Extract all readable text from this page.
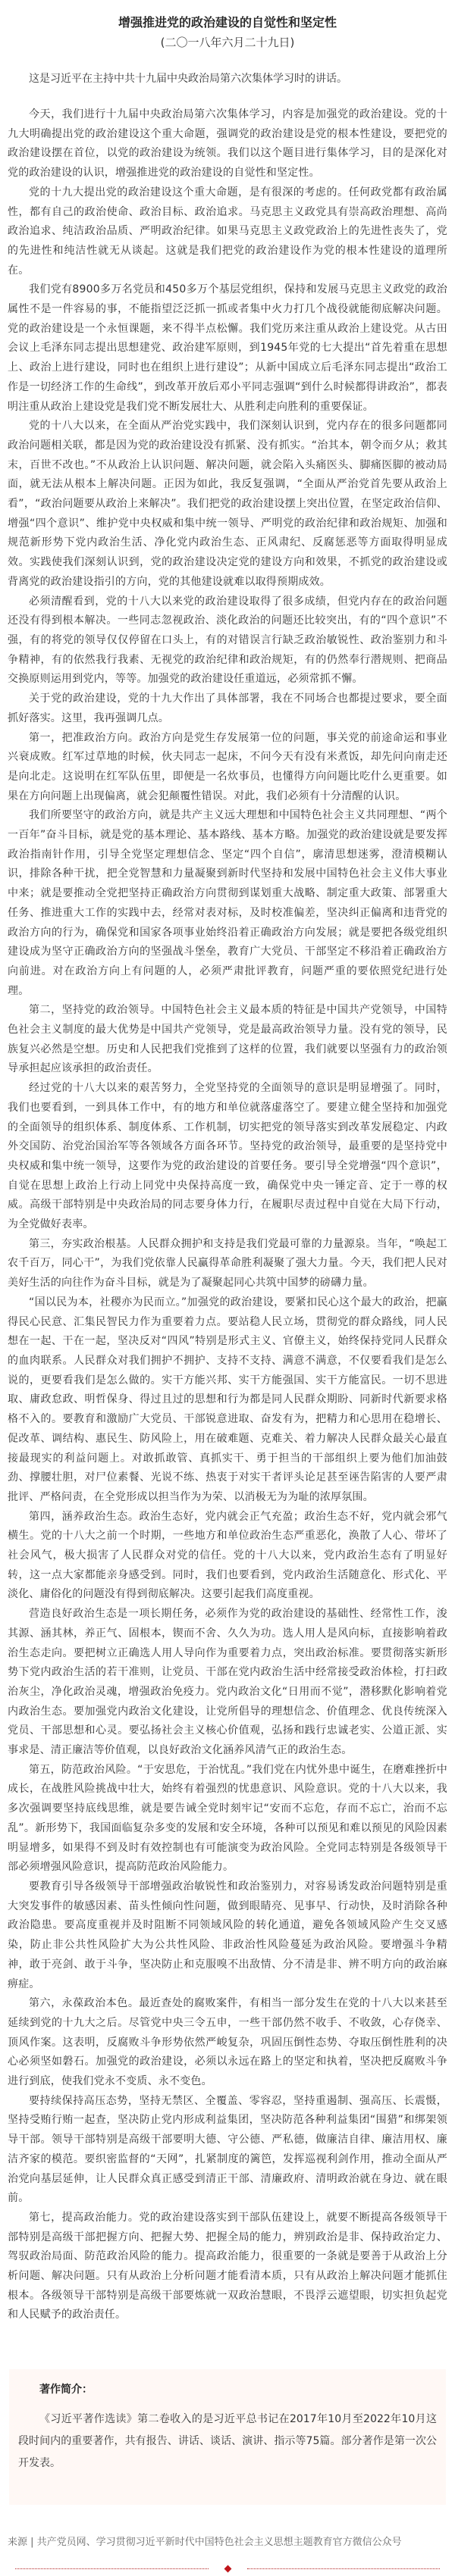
增强推进党的政治建设的自觉性和坚定性
(二〇一八年六月二十九日)

这是习近平在主持中共十九届中央政治局第六次集体学习时的讲话。

今天，我们进行十九届中央政治局第六次集体学习，内容是加强党的政治建设。党的十九大明确提出党的政治建设这个重大命题，强调党的政治建设是党的根本性建设，要把党的政治建设摆在首位，以党的政治建设为统领。我们以这个题目进行集体学习，目的是深化对党的政治建设的认识，增强推进党的政治建设的自觉性和坚定性。

党的十九大提出党的政治建设这个重大命题，是有很深的考虑的。任何政党都有政治属性，都有自己的政治使命、政治目标、政治追求。马克思主义政党具有崇高政治理想、高尚政治追求、纯洁政治品质、严明政治纪律。如果马克思主义政党政治上的先进性丧失了，党的先进性和纯洁性就无从谈起。这就是我们把党的政治建设作为党的根本性建设的道理所在。

我们党有8900多万名党员和450多万个基层党组织，保持和发展马克思主义政党的政治属性不是一件容易的事，不能指望泛泛抓一抓或者集中火力打几个战役就能彻底解决问题。党的政治建设是一个永恒课题，来不得半点松懈。我们党历来注重从政治上建设党。从古田会议上毛泽东同志提出思想建党、政治建军原则，到1945年党的七大提出“首先着重在思想上、政治上进行建设，同时也在组织上进行建设”；从新中国成立后毛泽东同志提出“政治工作是一切经济工作的生命线”，到改革开放后邓小平同志强调“到什么时候都得讲政治”，都表明注重从政治上建设党是我们党不断发展壮大、从胜利走向胜利的重要保证。

党的十八大以来，在全面从严治党实践中，我们深刻认识到，党内存在的很多问题都同政治问题相关联，都是因为党的政治建设没有抓紧、没有抓实。“治其本，朝令而夕从；救其末，百世不改也。”不从政治上认识问题、解决问题，就会陷入头痛医头、脚痛医脚的被动局面，就无法从根本上解决问题。正因为如此，我反复强调，“全面从严治党首先要从政治上看”，“政治问题要从政治上来解决”。我们把党的政治建设摆上突出位置，在坚定政治信仰、增强“四个意识”、维护党中央权威和集中统一领导、严明党的政治纪律和政治规矩、加强和规范新形势下党内政治生活、净化党内政治生态、正风肃纪、反腐惩恶等方面取得明显成效。实践使我们深刻认识到，党的政治建设决定党的建设方向和效果，不抓党的政治建设或背离党的政治建设指引的方向，党的其他建设就难以取得预期成效。

必须清醒看到，党的十八大以来党的政治建设取得了很多成绩，但党内存在的政治问题还没有得到根本解决。一些同志忽视政治、淡化政治的问题还比较突出，有的“四个意识”不强，有的将党的领导仅仅停留在口头上，有的对错误言行缺乏政治敏锐性、政治鉴别力和斗争精神，有的依然我行我素、无视党的政治纪律和政治规矩，有的仍然奉行潜规则、把商品交换原则运用到党内，等等。加强党的政治建设任重道远，必须常抓不懈。

关于党的政治建设，党的十九大作出了具体部署，我在不同场合也都提过要求，要全面抓好落实。这里，我再强调几点。

第一，把准政治方向。政治方向是党生存发展第一位的问题，事关党的前途命运和事业兴衰成败。红军过草地的时候，伙夫同志一起床，不问今天有没有米煮饭，却先问向南走还是向北走。这说明在红军队伍里，即便是一名炊事员，也懂得方向问题比吃什么更重要。如果在方向问题上出现偏离，就会犯颠覆性错误。对此，我们必须有十分清醒的认识。

我们所要坚守的政治方向，就是共产主义远大理想和中国特色社会主义共同理想、“两个一百年”奋斗目标，就是党的基本理论、基本路线、基本方略。加强党的政治建设就是要发挥政治指南针作用，引导全党坚定理想信念、坚定“四个自信”，廓清思想迷雾，澄清模糊认识，排除各种干扰，把全党智慧和力量凝聚到新时代坚持和发展中国特色社会主义伟大事业中来；就是要推动全党把坚持正确政治方向贯彻到谋划重大战略、制定重大政策、部署重大任务、推进重大工作的实践中去，经常对表对标，及时校准偏差，坚决纠正偏离和违背党的政治方向的行为，确保党和国家各项事业始终沿着正确政治方向发展；就是要把各级党组织建设成为坚守正确政治方向的坚强战斗堡垒，教育广大党员、干部坚定不移沿着正确政治方向前进。对在政治方向上有问题的人，必须严肃批评教育，问题严重的要依照党纪进行处理。

第二，坚持党的政治领导。中国特色社会主义最本质的特征是中国共产党领导，中国特色社会主义制度的最大优势是中国共产党领导，党是最高政治领导力量。没有党的领导，民族复兴必然是空想。历史和人民把我们党推到了这样的位置，我们就要以坚强有力的政治领导承担起应该承担的政治责任。

经过党的十八大以来的艰苦努力，全党坚持党的全面领导的意识是明显增强了。同时，我们也要看到，一到具体工作中，有的地方和单位就落虚落空了。要建立健全坚持和加强党的全面领导的组织体系、制度体系、工作机制，切实把党的领导落实到改革发展稳定、内政外交国防、治党治国治军等各领域各方面各环节。坚持党的政治领导，最重要的是坚持党中央权威和集中统一领导，这要作为党的政治建设的首要任务。要引导全党增强“四个意识”，自觉在思想上政治上行动上同党中央保持高度一致，确保党中央一锤定音、定于一尊的权威。高级干部特别是中央政治局的同志要身体力行，在履职尽责过程中自觉在大局下行动，为全党做好表率。

第三，夯实政治根基。人民群众拥护和支持是我们党最可靠的力量源泉。当年，“唤起工农千百万，同心干”，为我们党依靠人民赢得革命胜利凝聚了强大力量。今天，我们把人民对美好生活的向往作为奋斗目标，就是为了凝聚起同心共筑中国梦的磅礴力量。

“国以民为本，社稷亦为民而立。”加强党的政治建设，要紧扣民心这个最大的政治，把赢得民心民意、汇集民智民力作为重要着力点。要站稳人民立场，贯彻党的群众路线，同人民想在一起、干在一起，坚决反对“四风”特别是形式主义、官僚主义，始终保持党同人民群众的血肉联系。人民群众对我们拥护不拥护、支持不支持、满意不满意，不仅要看我们是怎么说的，更要看我们是怎么做的。实干方能兴邦、实干方能强国、实干方能富民。一切不思进取、庸政怠政、明哲保身、得过且过的思想和行为都是同人民群众期盼、同新时代新要求格格不入的。要教育和激励广大党员、干部锐意进取、奋发有为，把精力和心思用在稳增长、促改革、调结构、惠民生、防风险上，用在破难题、克难关、着力解决人民群众最关心最直接最现实的利益问题上。对敢抓敢管、真抓实干、勇于担当的干部组织上要为他们加油鼓劲、撑腰壮胆，对尸位素餐、光说不练、热衷于对实干者评头论足甚至诬告陷害的人要严肃批评、严格问责，在全党形成以担当作为为荣、以消极无为为耻的浓厚氛围。

第四，涵养政治生态。政治生态好，党内就会正气充盈；政治生态不好，党内就会邪气横生。党的十八大之前一个时期，一些地方和单位政治生态严重恶化，涣散了人心、带坏了社会风气，极大损害了人民群众对党的信任。党的十八大以来，党内政治生态有了明显好转，这一点大家都能亲身感受到。同时，我们也要看到，党内政治生活随意化、形式化、平淡化、庸俗化的问题没有得到彻底解决。这要引起我们高度重视。

营造良好政治生态是一项长期任务，必须作为党的政治建设的基础性、经常性工作，浚其源、涵其林，养正气、固根本，锲而不舍、久久为功。选人用人是风向标，直接影响着政治生态走向。要把树立正确选人用人导向作为重要着力点，突出政治标准。要贯彻落实新形势下党内政治生活的若干准则，让党员、干部在党内政治生活中经常接受政治体检，打扫政治灰尘，净化政治灵魂，增强政治免疫力。党内政治文化“日用而不觉”，潜移默化影响着党内政治生态。要加强党内政治文化建设，让党所倡导的理想信念、价值理念、优良传统深入党员、干部思想和心灵。要弘扬社会主义核心价值观，弘扬和践行忠诚老实、公道正派、实事求是、清正廉洁等价值观，以良好政治文化涵养风清气正的政治生态。

第五，防范政治风险。“于安思危，于治忧乱。”我们党在内忧外患中诞生，在磨难挫折中成长，在战胜风险挑战中壮大，始终有着强烈的忧患意识、风险意识。党的十八大以来，我多次强调要坚持底线思维，就是要告诫全党时刻牢记“安而不忘危，存而不忘亡，治而不忘乱”。新形势下，我国面临复杂多变的发展和安全环境，各种可以预见和难以预见的风险因素明显增多，如果得不到及时有效控制也有可能演变为政治风险。全党同志特别是各级领导干部必须增强风险意识，提高防范政治风险能力。

要教育引导各级领导干部增强政治敏锐性和政治鉴别力，对容易诱发政治问题特别是重大突发事件的敏感因素、苗头性倾向性问题，做到眼睛亮、见事早、行动快，及时消除各种政治隐患。要高度重视并及时阻断不同领域风险的转化通道，避免各领域风险产生交叉感染，防止非公共性风险扩大为公共性风险、非政治性风险蔓延为政治风险。要增强斗争精神，敢于亮剑、敢于斗争，坚决防止和克服嗅不出敌情、分不清是非、辨不明方向的政治麻痹症。

第六，永葆政治本色。最近查处的腐败案件，有相当一部分发生在党的十八大以来甚至延续到党的十九大之后。尽管党中央三令五申，一些干部仍然不收手、不收敛，心存侥幸、顶风作案。这表明，反腐败斗争形势依然严峻复杂，巩固压倒性态势、夺取压倒性胜利的决心必须坚如磐石。加强党的政治建设，必须以永远在路上的坚定和执着，坚决把反腐败斗争进行到底，使我们党永不变质、永不变色。

要持续保持高压态势，坚持无禁区、全覆盖、零容忍，坚持重遏制、强高压、长震慑，坚持受贿行贿一起查，坚决防止党内形成利益集团，坚决防范各种利益集团“围猎”和绑架领导干部。领导干部特别是高级干部要明大德、守公德、严私德，做廉洁自律、廉洁用权、廉洁齐家的模范。要织密监督的“天网”，扎紧制度的篱笆，发挥巡视利剑作用，推动全面从严治党向基层延伸，让人民群众真正感受到清正干部、清廉政府、清明政治就在身边、就在眼前。

第七，提高政治能力。党的政治建设落实到干部队伍建设上，就要不断提高各级领导干部特别是高级干部把握方向、把握大势、把握全局的能力，辨别政治是非、保持政治定力、驾驭政治局面、防范政治风险的能力。提高政治能力，很重要的一条就是要善于从政治上分析问题、解决问题。只有从政治上分析问题才能看清本质，只有从政治上解决问题才能抓住根本。各级领导干部特别是高级干部要炼就一双政治慧眼，不畏浮云遮望眼，切实担负起党和人民赋予的政治责任。

著作简介：

《习近平著作选读》第二卷收入的是习近平总书记在2017年10月至2022年10月这段时间内的重要著作，共有报告、讲话、谈话、演讲、指示等75篇。部分著作是第一次公开发表。

来源 | 共产党员网、学习贯彻习近平新时代中国特色社会主义思想主题教育官方微信公众号
